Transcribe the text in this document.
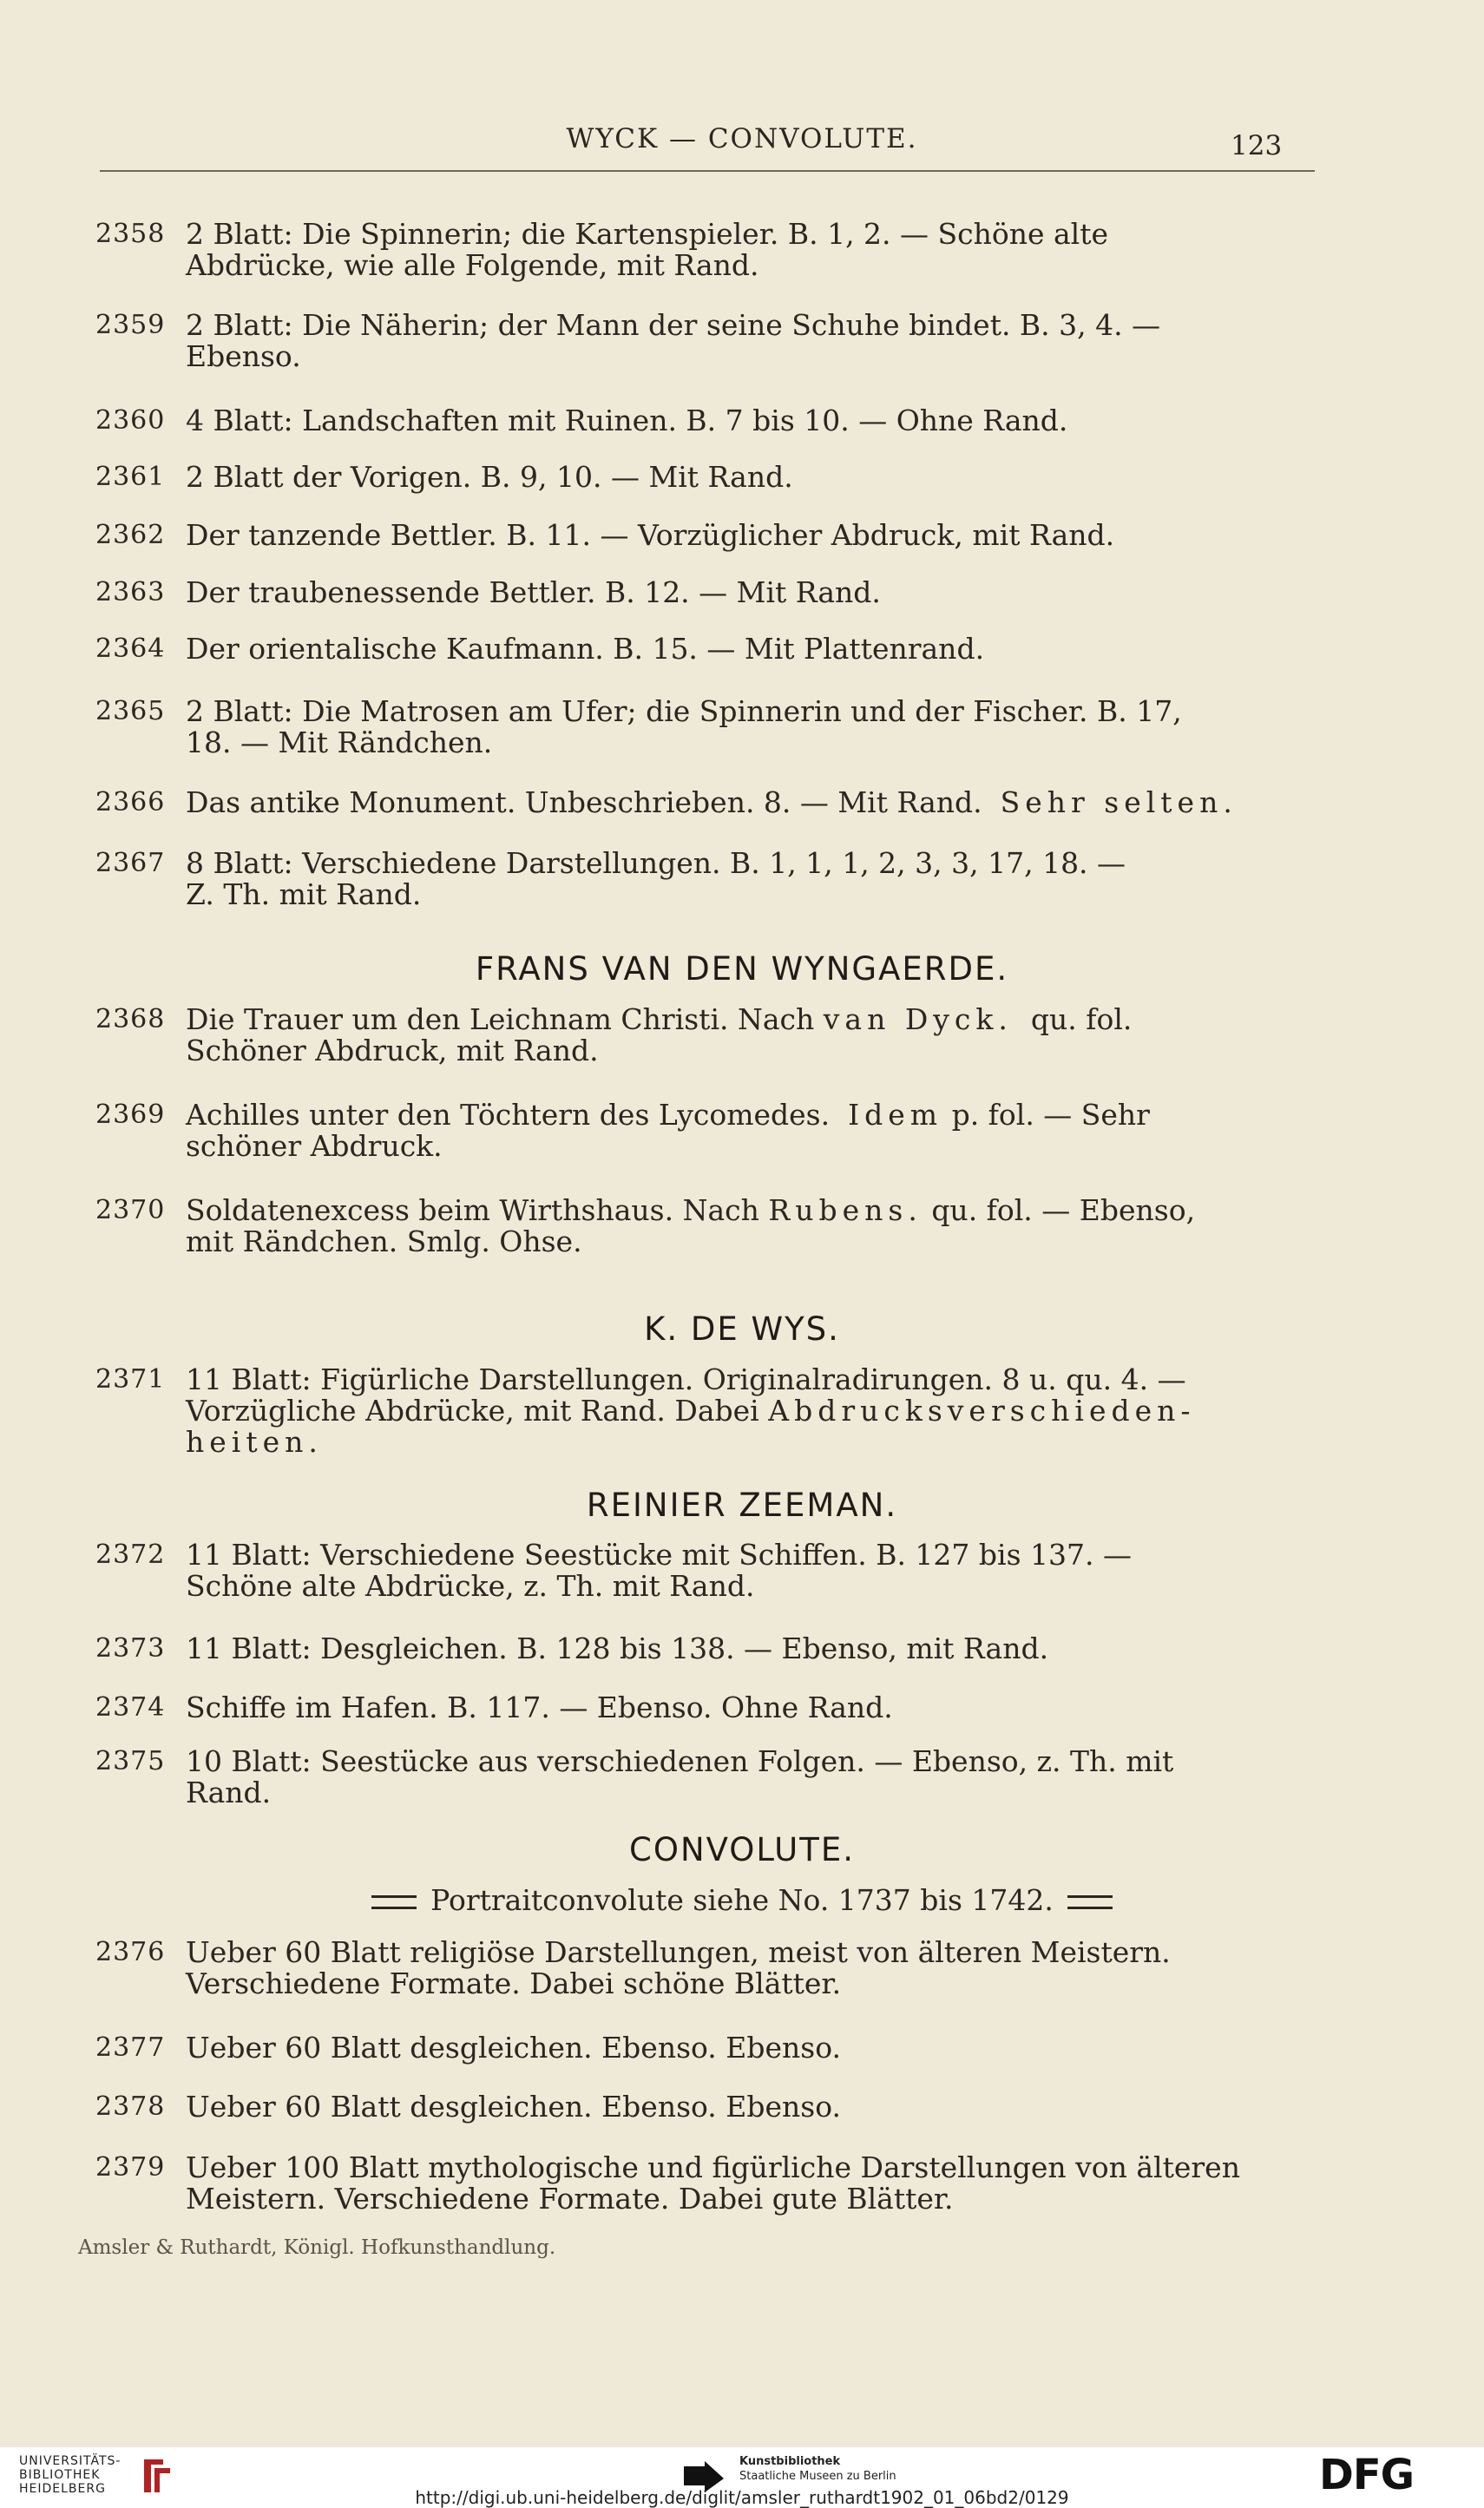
WYCK — CONVOLUTE.	123
2358 2 Blatt: Die Spinnerin; die Kartenspieler. B. 1, 2. — Schöne alte
Abdrücke, wie alle Folgende, mit Rand.
2359 2 Blatt: Die Näherin; der Mann der seine Schuhe bindet. B. 3, 4. —
Ebenso.
2360 4 Blatt: Landschaften mit Ruinen. B. 7 bis 10. — Ohne Rand.
2361 2 Blatt der Vorigen. B. 9, 10. — Mit Rand.
2362 Der tanzende Bettler. B. 11. — Vorzüglicher Abdruck, mit Rand.
2363 Der traubenessende Bettler. B. 12. — Mit Rand.
2364 Der orientalische Kaufmann. B. 15. — Mit Plattenrand.
2365 2 Blatt: Die Matrosen am Ufer; die Spinnerin und der Fischer. B. 17,
18. — Mit Rändchen.
2366 Das antike Monument. Unbeschrieben. 8. — Mit Rand. Sehr selten.
2367 8 Blatt: Verschiedene Darstellungen. B. 1, 1, 1, 2, 3, 3, 17, 18. —
Z. Th. mit Rand.
FRANS VAN DEN WYNGAERDE.
2368 Die Trauer um den Leichnam Christi. Nach van Dyck. qu. fol.
Schöner Abdruck, mit Rand.
2369 Achilles unter den Töchtern des Lycomedes. Idem p. fol. — Sehr
schöner Abdruck.
2370 Soldatenexcess beim Wirthshaus. Nach Rubens. qu. fol. — Ebenso,
mit Rändchen. Smlg. Ohse.
K. DE WYS.
2371 11 Blatt: Figürliche Darstellungen. Originalradirungen. 8 u. qu. 4. —
Vorzügliche Abdrücke, mit Rand. Dabei Abdrucksverschieden-
heiten.
REINIER ZEEMAN.
2372 11 Blatt: Verschiedene Seestücke mit Schiffen. B. 127 bis 137. —
Schöne alte Abdrücke, z. Th. mit Rand.
2373 11 Blatt: Desgleichen. B. 128 bis 138. — Ebenso, mit Rand.
2374 Schiffe im Hafen. B. 117. — Ebenso. Ohne Rand.
2375 10 Blatt: Seestücke aus verschiedenen Folgen. — Ebenso, z. Th. mit
Rand.
CONVOLUTE.
Portraitconvolute siehe No. 1737 bis 1742.
2376 Ueber 60 Blatt religiöse Darstellungen, meist von älteren Meistern.
Verschiedene Formate. Dabei schöne Blätter.
2377 Ueber 60 Blatt desgleichen. Ebenso. Ebenso.
2378 Ueber 60 Blatt desgleichen. Ebenso. Ebenso.
2379 Ueber 100 Blatt mythologische und figürliche Darstellungen von älteren
Meistern. Verschiedene Formate. Dabei gute Blätter.
Amsler & Ruthardt, Königl. Hofkunsthandlung.
UNIVERSITÄTS-
BIBLIOTHEK
HEIDELBERG
Kunstbibliothek
Staatliche Museen zu Berlin	DFG
http://digi.ub.uni-heidelberg.de/diglit/amsler_ruthardt1902_01_06bd2/0129
